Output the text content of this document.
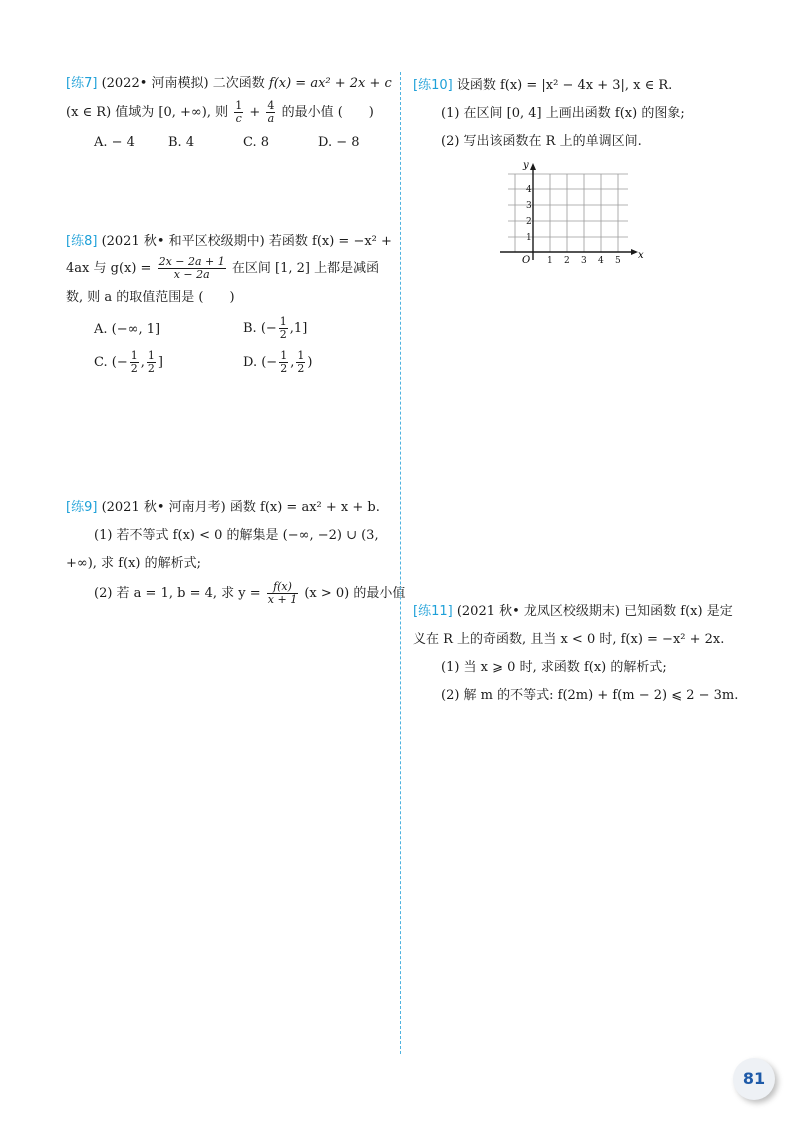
[练7] (2022• 河南模拟) 二次函数 f(x) = ax² + 2x + c
(x ∈ R) 值域为 [0, +∞), 则 $\frac{1}{c} + \frac{4}{a}$ 的最小值 (　　)
A. − 4	B. 4	C. 8	D. − 8
[练8] (2021 秋• 和平区校级期中) 若函数 f(x) = −x² +
4ax 与 $g(x) = \frac{2x - 2a + 1}{x - 2a}$ 在区间 [1, 2] 上都是减函
数, 则 a 的取值范围是 (　　)
A. (−∞, 1]	B. (− $\frac{1}{2} ,1$]
C. (− $\frac{1}{2}$ , $\frac{1}{2}$ ]	D. (− $\frac{1}{2}$ , $\frac{1}{2}$ )
[练9] (2021 秋• 河南月考) 函数 f(x) = ax² + x + b.
(1) 若不等式 f(x) < 0 的解集是 (−∞, −2) ∪ (3,
+∞), 求 f(x) 的解析式;
(2) 若 a = 1, b = 4, 求 $y = \frac{f(x)}{x + 1} (x > 0)$ 的最小值
[练10] 设函数 f(x) = |x² − 4x + 3|, x ∈ R.
(1) 在区间 [0, 4] 上画出函数 f(x) 的图象;
(2) 写出该函数在 R 上的单调区间.
x
y
O 1 2 3 4 5
1
2
3
4
[练11] (2021 秋• 龙凤区校级期末) 已知函数 f(x) 是定
义在 R 上的奇函数, 且当 x < 0 时, f(x) = −x² + 2x.
(1) 当 x ⩾ 0 时, 求函数 f(x) 的解析式;
(2) 解 m 的不等式: f(2m) + f(m − 2) ⩽ 2 − 3m.
81
